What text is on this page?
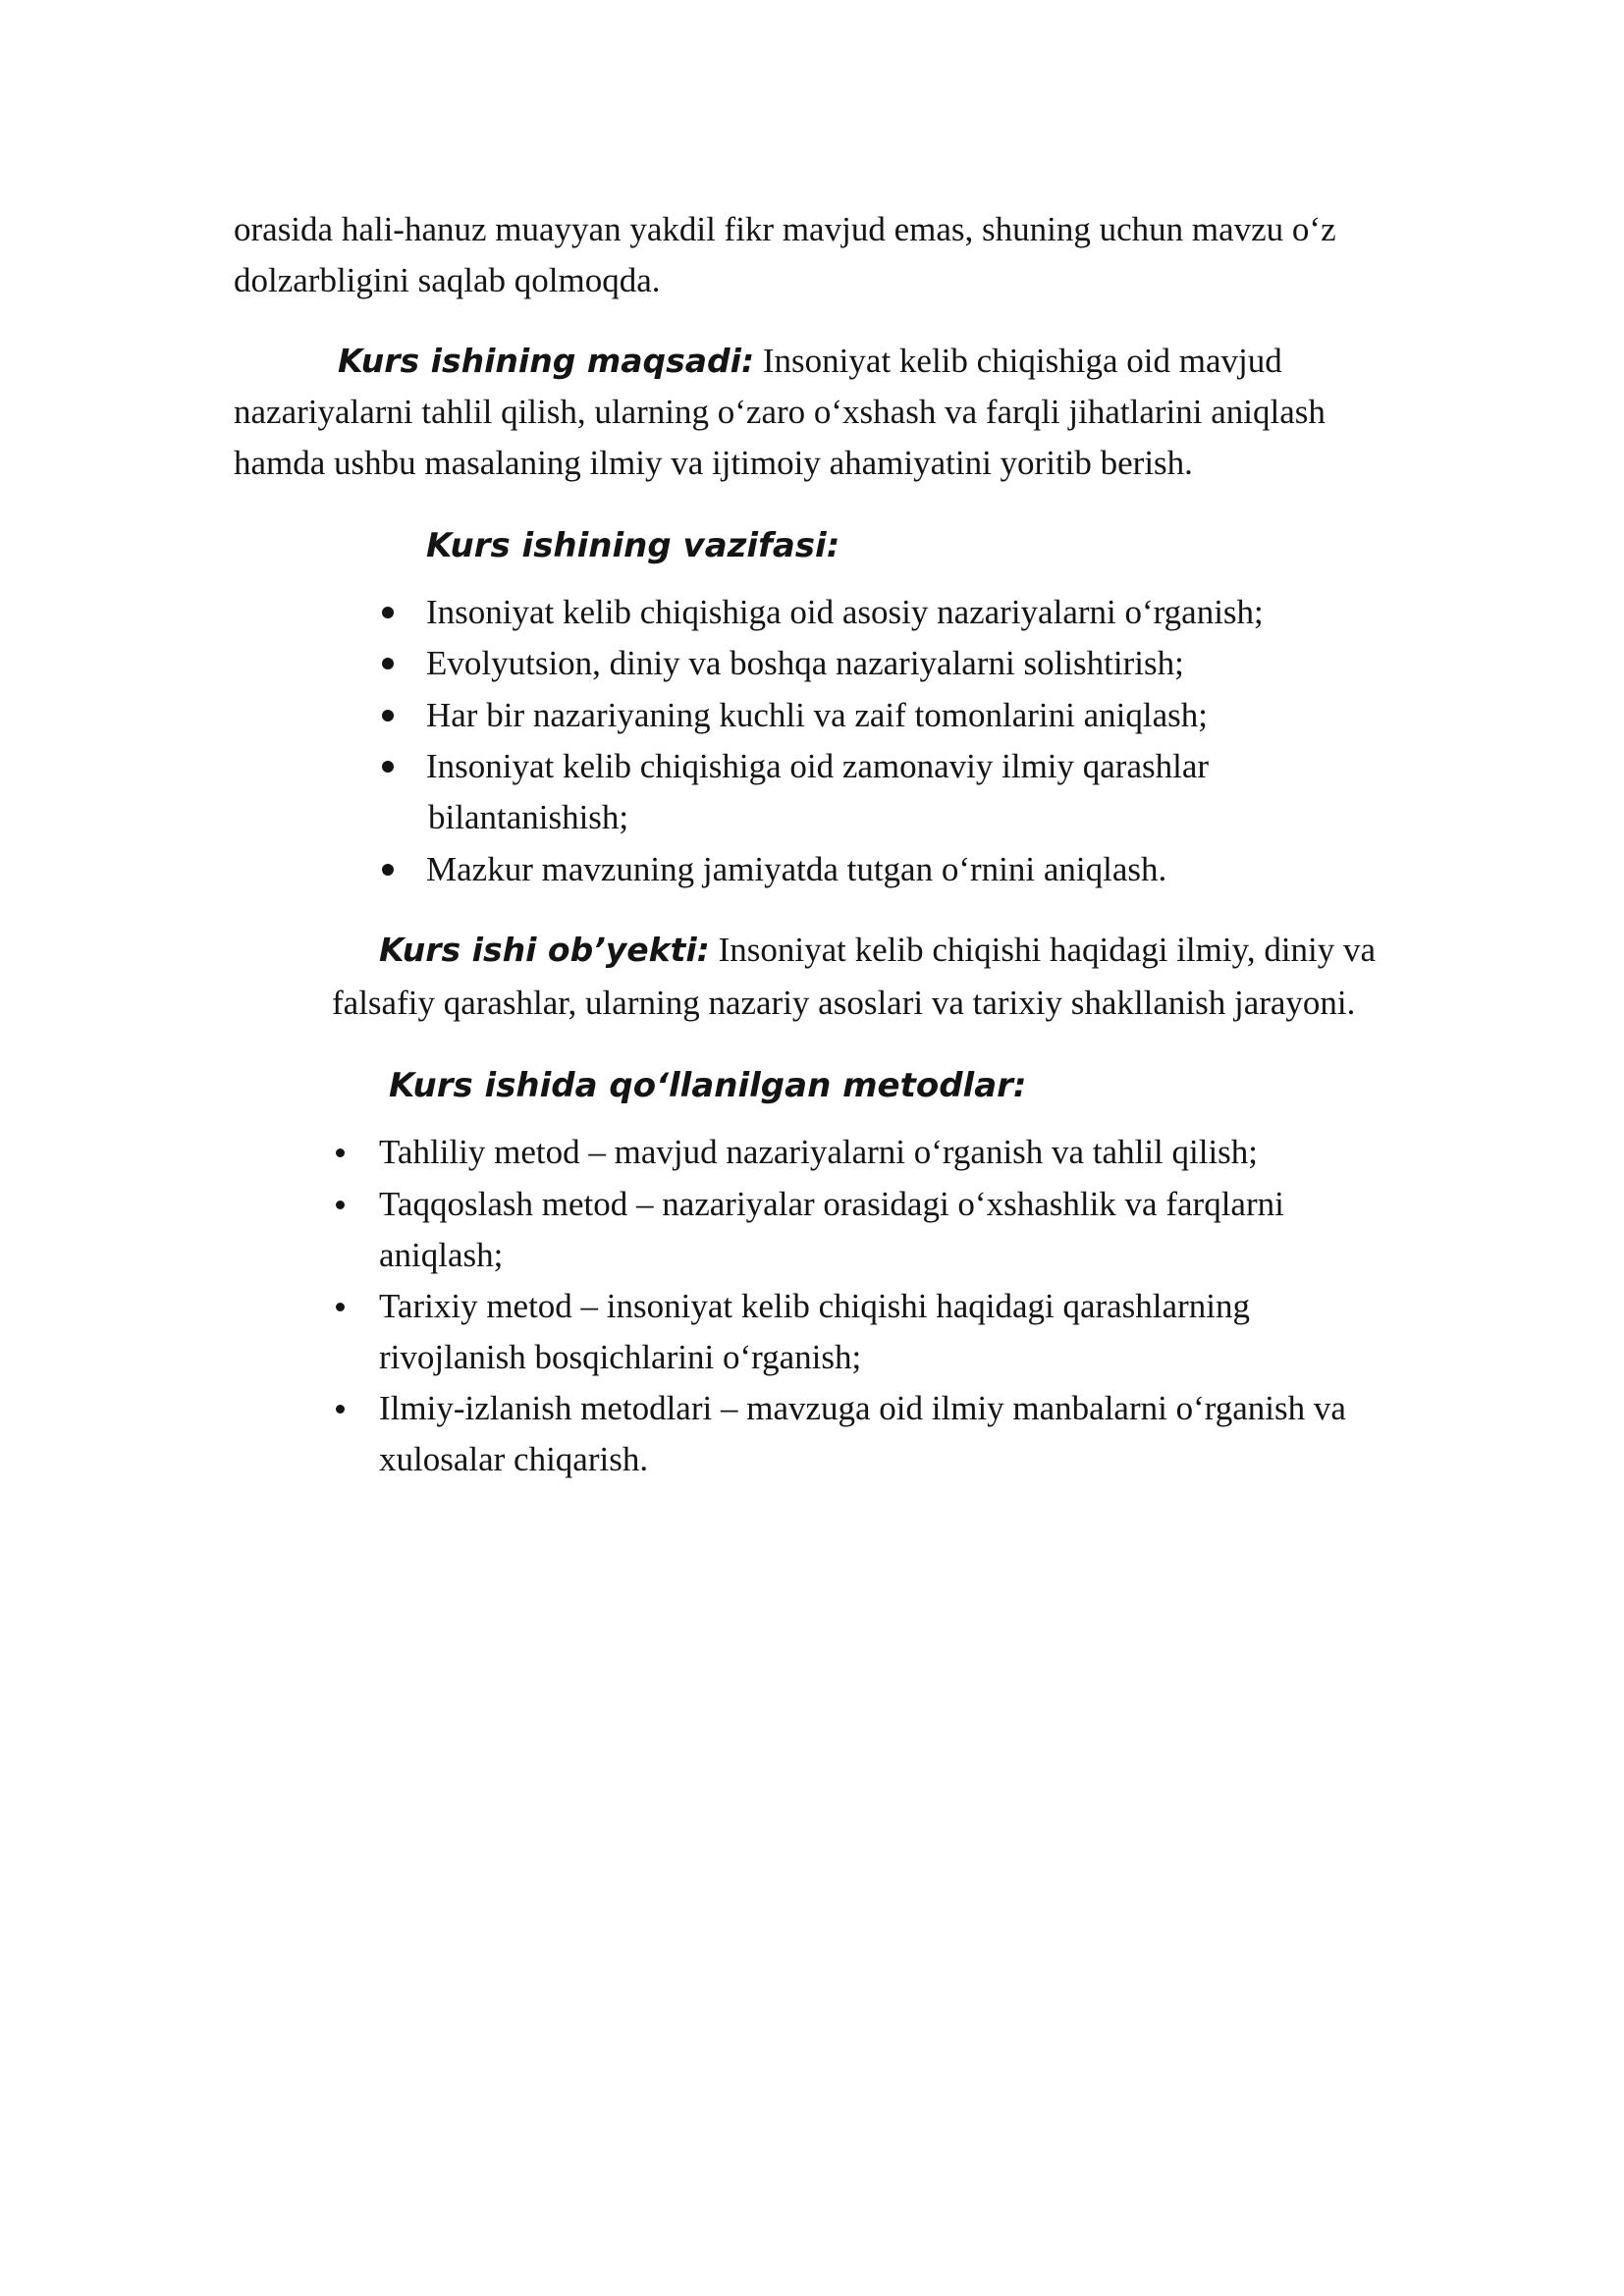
orasida hali-hanuz muayyan yakdil fikr mavjud emas, shuning uchun mavzu o‘z
dolzarbligini saqlab qolmoqda.
Kurs ishining maqsadi: Insoniyat kelib chiqishiga oid mavjud
nazariyalarni tahlil qilish, ularning o‘zaro o‘xshash va farqli jihatlarini aniqlash
hamda ushbu masalaning ilmiy va ijtimoiy ahamiyatini yoritib berish.
Kurs ishining vazifasi:
Insoniyat kelib chiqishiga oid asosiy nazariyalarni o‘rganish;
Evolyutsion, diniy va boshqa nazariyalarni solishtirish;
Har bir nazariyaning kuchli va zaif tomonlarini aniqlash;
Insoniyat kelib chiqishiga oid zamonaviy ilmiy qarashlar
bilantanishish;
Mazkur mavzuning jamiyatda tutgan o‘rnini aniqlash.
Kurs ishi ob’yekti: Insoniyat kelib chiqishi haqidagi ilmiy, diniy va
falsafiy qarashlar, ularning nazariy asoslari va tarixiy shakllanish jarayoni.
Kurs ishida qo‘llanilgan metodlar:
Tahliliy metod – mavjud nazariyalarni o‘rganish va tahlil qilish;
Taqqoslash metod – nazariyalar orasidagi o‘xshashlik va farqlarni
aniqlash;
Tarixiy metod – insoniyat kelib chiqishi haqidagi qarashlarning
rivojlanish bosqichlarini o‘rganish;
Ilmiy-izlanish metodlari – mavzuga oid ilmiy manbalarni o‘rganish va
xulosalar chiqarish.
